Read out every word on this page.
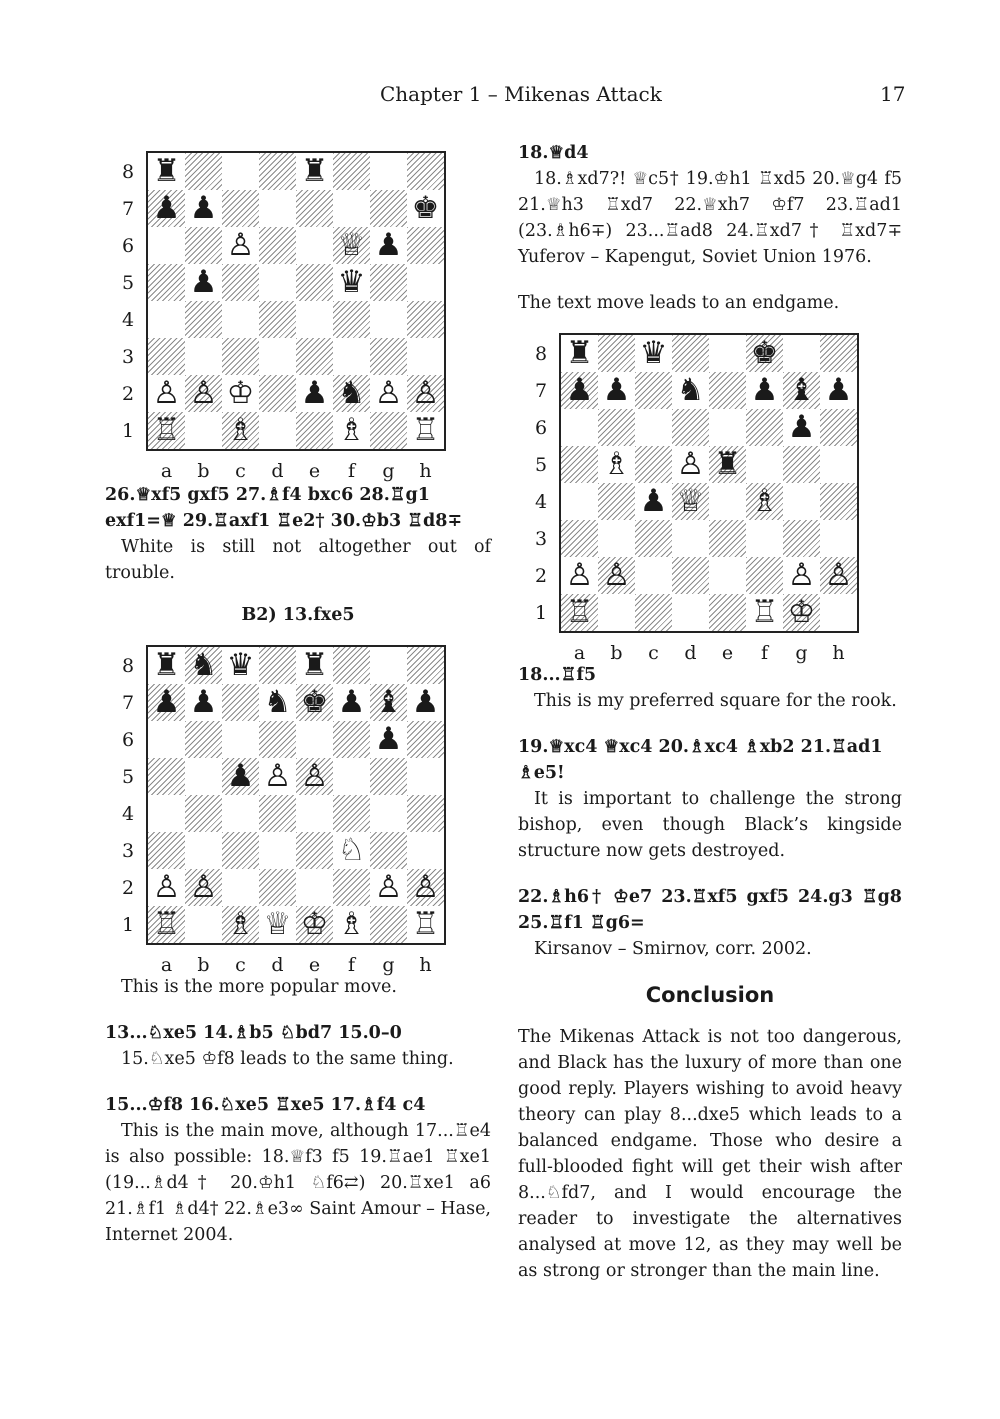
Chapter 1 – Mikenas Attack	17
♜	♜
♟ ♟	♚
♙	♕ ♟
♟	♛
♙ ♙ ♔ ♟ ♞ ♙ ♙
♖ ♗	♗ ♖
8
7
6
5
4
3
2
1
a	b	c	d	e	f	g	h

26.♕xf5 gxf5 27.♗f4 bxc6 28.♖g1 exf1=♕ 29.♖axf1 ♖e2† 30.♔b3 ♖d8∓

White is still not altogether out of trouble.

B2) 13.fxe5

♜ ♞ ♛ ♜
♟ ♟ ♞ ♚ ♟ ♝ ♟
♟
♟ ♙ ♙
♘
♙ ♙	♙ ♙
♖ ♗ ♕ ♔ ♗ ♖
8
7
6
5
4
3
2
1
a	b	c	d	e	f	g	h

This is the more popular move.

13...♘xe5 14.♗b5 ♘bd7 15.0–0

15.♘xe5 ♔f8 leads to the same thing.

15...♔f8 16.♘xe5 ♖xe5 17.♗f4 c4

This is the main move, although 17...♖e4 is also possible: 18.♕f3 f5 19.♖ae1 ♖xe1 (19...♗d4† 20.♔h1 ♘f6⇄) 20.♖xe1 a6 21.♗f1 ♗d4† 22.♗e3∞ Saint Amour – Hase, Internet 2004.

18.♕d4

18.♗xd7?! ♕c5† 19.♔h1 ♖xd5 20.♕g4 f5 21.♕h3 ♖xd7 22.♕xh7 ♔f7 23.♖ad1 (23.♗h6∓) 23...♖ad8 24.♖xd7† ♖xd7∓ Yuferov – Kapengut, Soviet Union 1976.

The text move leads to an endgame.

♜ ♛	♚
♟ ♟ ♞ ♟ ♝ ♟
♟
♗ ♙ ♜
♟ ♕ ♗
♙ ♙	♙ ♙
♖	♖ ♔
8
7
6
5
4
3
2
1
a	b	c	d	e	f	g	h

18...♖f5

This is my preferred square for the rook.

19.♕xc4 ♕xc4 20.♗xc4 ♗xb2 21.♖ad1 ♗e5!

It is important to challenge the strong bishop, even though Black’s kingside structure now gets destroyed.

22.♗h6† ♔e7 23.♖xf5 gxf5 24.g3 ♖g8 25.♖f1 ♖g6=

Kirsanov – Smirnov, corr. 2002.

Conclusion

The Mikenas Attack is not too dangerous, and Black has the luxury of more than one good reply. Players wishing to avoid heavy theory can play 8...dxe5 which leads to a balanced endgame. Those who desire a full-blooded fight will get their wish after 8...♘fd7, and I would encourage the reader to investigate the alternatives analysed at move 12, as they may well be as strong or stronger than the main line.
